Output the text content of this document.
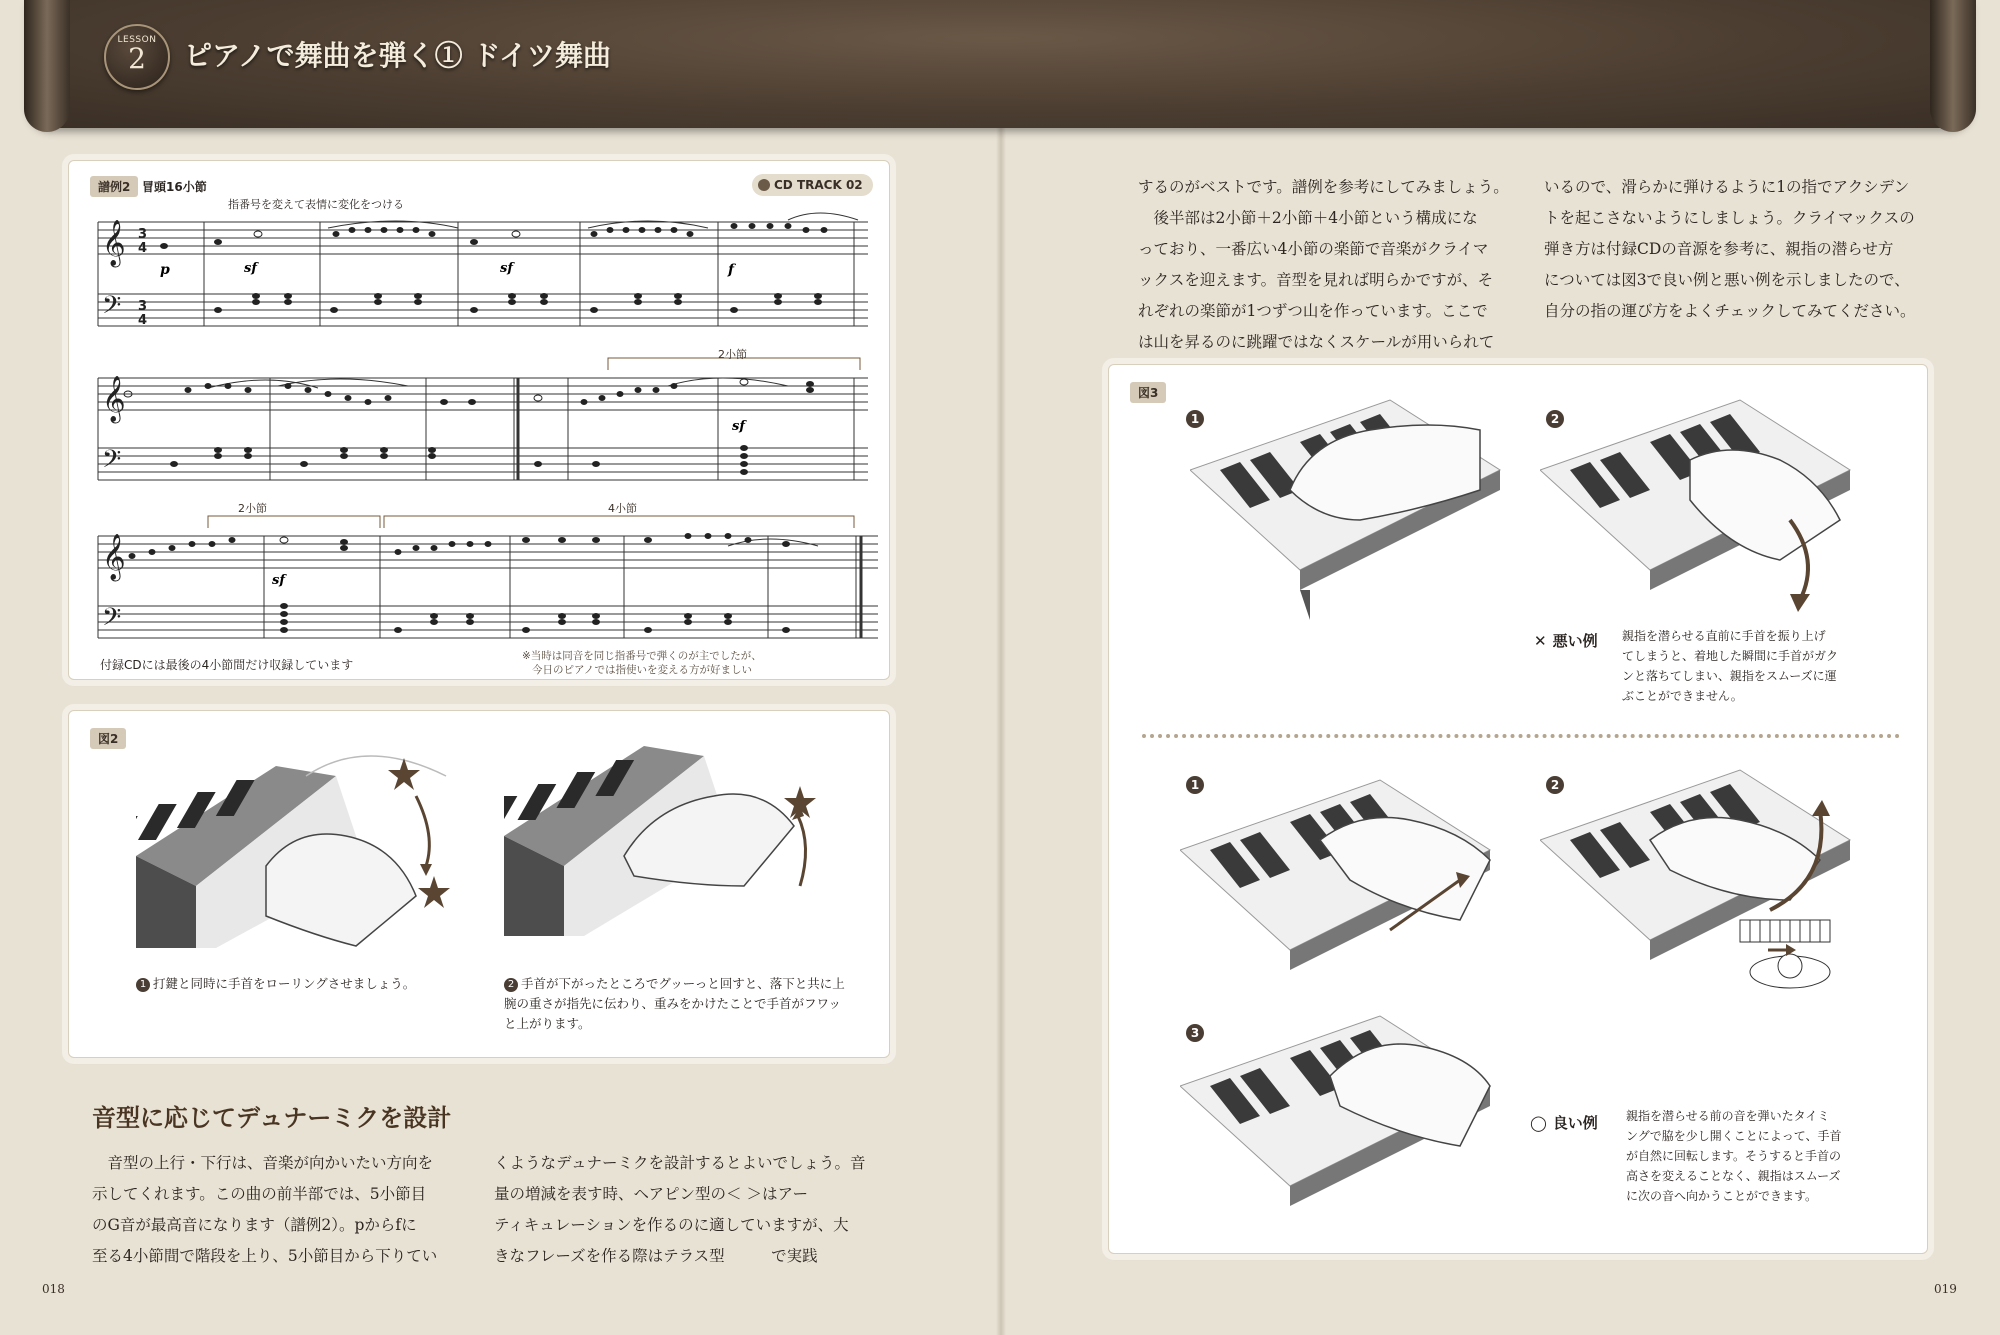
LESSON
2	ピアノで舞曲を弾く① ドイツ舞曲
譜例2 冒頭16小節	CD TRACK 02
指番号を変えて表情に変化をつける
𝄞
𝄢
𝄞
𝄢
𝄞
𝄢
3
4
3
4
p	sf	sf	f
sf
sf
2小節
2小節	4小節
付録CDには最後の4小節間だけ収録しています
※当時は同音を同じ指番号で弾くのが主でしたが、
今日のピアノでは指使いを変える方が好ましい
図2
1 打鍵と同時に手首をローリングさせましょう。	2 手首が下がったところでグッーっと回すと、落下と共に上
腕の重さが指先に伝わり、重みをかけたことで手首がフワッ
と上がります。
音型に応じてデュナーミクを設計

　音型の上行・下行は、音楽が向かいたい方向を

示してくれます。この曲の前半部では、5小節目

のG音が最高音になります（譜例2）。pからfに

至る4小節間で階段を上り、5小節目から下りてい

くようなデュナーミクを設計するとよいでしょう。音

量の増減を表す時、ヘアピン型の＜ ＞はアー

ティキュレーションを作るのに適していますが、大

きなフレーズを作る際はテラス型　　　で実践

018

するのがベストです。譜例を参考にしてみましょう。

　後半部は2小節＋2小節＋4小節という構成にな

っており、一番広い4小節の楽節で音楽がクライマ

ックスを迎えます。音型を見れば明らかですが、そ

れぞれの楽節が1つずつ山を作っています。ここで

は山を昇るのに跳躍ではなくスケールが用いられて

いるので、滑らかに弾けるように1の指でアクシデン

トを起こさないようにしましょう。クライマックスの

弾き方は付録CDの音源を参考に、親指の潜らせ方

については図3で良い例と悪い例を示しましたので、

自分の指の運び方をよくチェックしてみてください。

図3
1	2
1	2
3
✕ 悪い例 親指を潜らせる直前に手首を振り上げ
てしまうと、着地した瞬間に手首がガク
ンと落ちてしまい、親指をスムーズに運
ぶことができません。
◯ 良い例 親指を潜らせる前の音を弾いたタイミ
ングで脇を少し開くことによって、手首
が自然に回転します。そうすると手首の
高さを変えることなく、親指はスムーズ
に次の音へ向かうことができます。
019
